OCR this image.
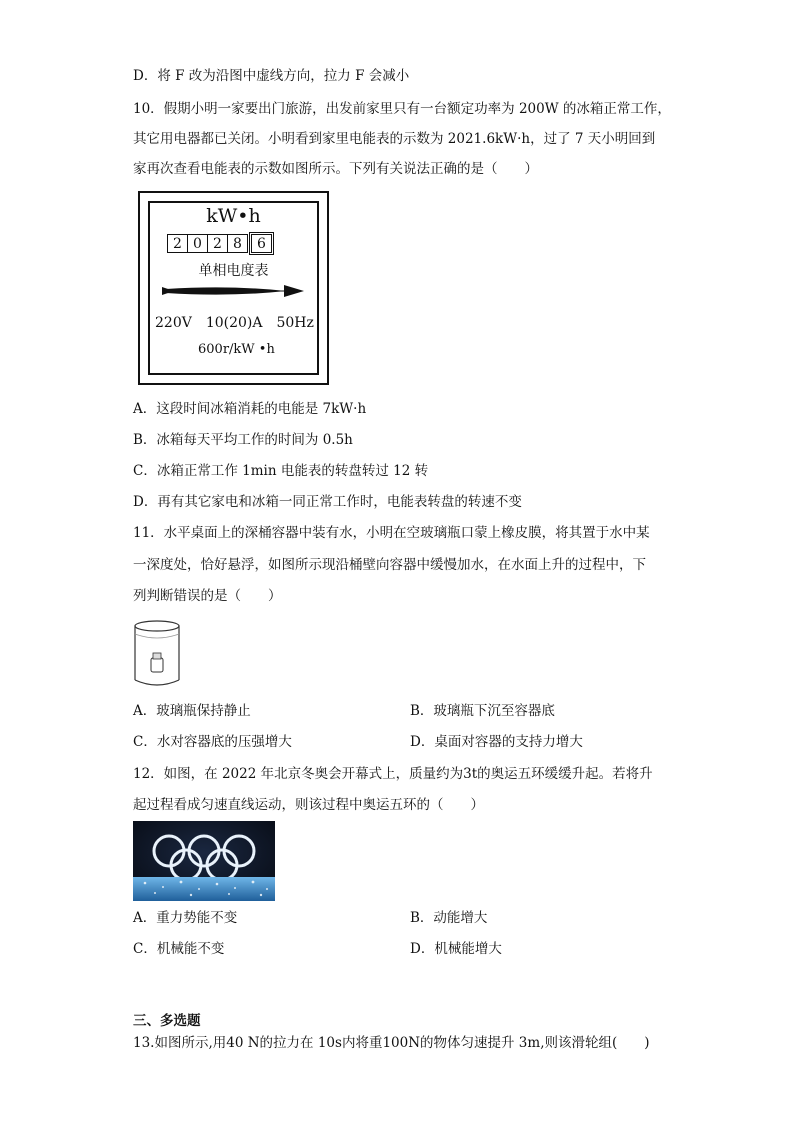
D．将 F 改为沿图中虚线方向，拉力 F 会减小
10．假期小明一家要出门旅游，出发前家里只有一台额定功率为 200W 的冰箱正常工作，
其它用电器都已关闭。小明看到家里电能表的示数为 2021.6kW·h，过了 7 天小明回到
家再次查看电能表的示数如图所示。下列有关说法正确的是（　　）
kW•h
2 0 2 8	6
单相电度表
220V　10(20)A　50Hz
600r/kW •h
A．这段时间冰箱消耗的电能是 7kW·h
B．冰箱每天平均工作的时间为 0.5h
C．冰箱正常工作 1min 电能表的转盘转过 12 转
D．再有其它家电和冰箱一同正常工作时，电能表转盘的转速不变
11．水平桌面上的深桶容器中装有水，小明在空玻璃瓶口蒙上橡皮膜，将其置于水中某
一深度处，恰好悬浮，如图所示现沿桶壁向容器中缓慢加水，在水面上升的过程中，下
列判断错误的是（　　）
A．玻璃瓶保持静止	B．玻璃瓶下沉至容器底
C．水对容器底的压强增大	D．桌面对容器的支持力增大
12．如图，在 2022 年北京冬奥会开幕式上，质量约为3t的奥运五环缓缓升起。若将升
起过程看成匀速直线运动，则该过程中奥运五环的（　　）
A．重力势能不变	B．动能增大
C．机械能不变	D．机械能增大
三、多选题
13.如图所示,用40 N的拉力在 10s内将重100N的物体匀速提升 3m,则该滑轮组(　　)
